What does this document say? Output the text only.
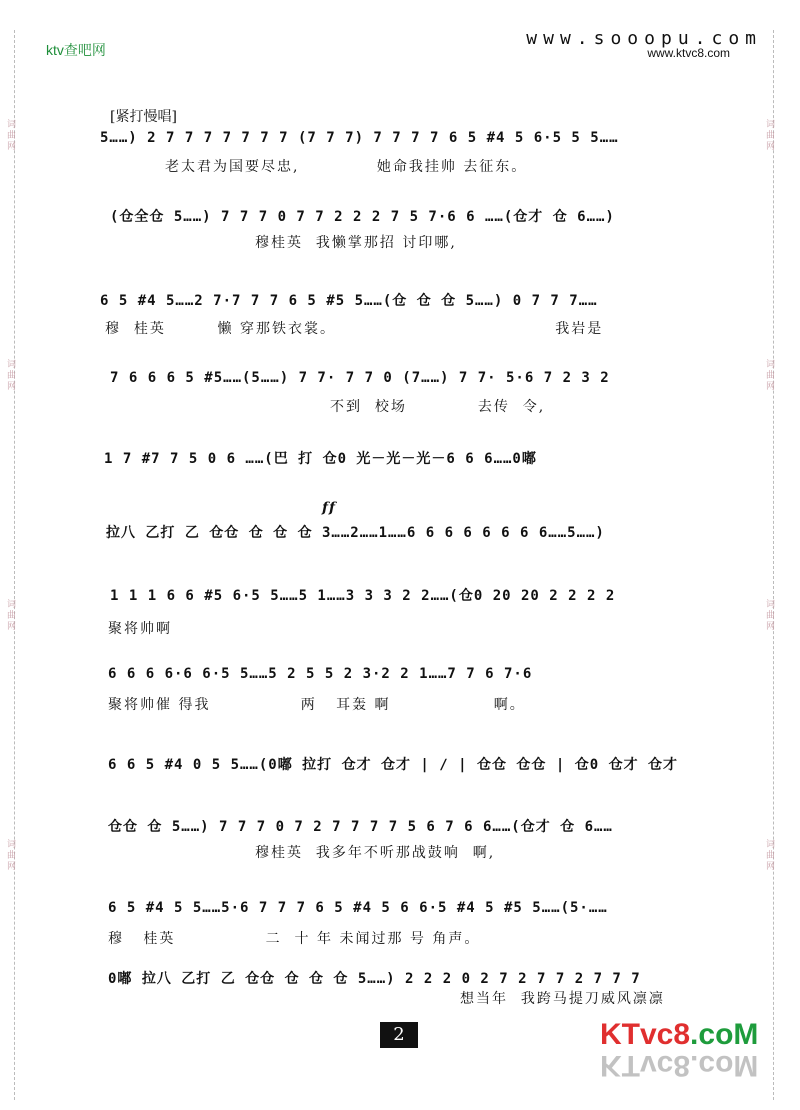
词曲网
词曲网
词曲网
词曲网
词曲网
词曲网
词曲网
词曲网
ktv查吧网
www.sooopu.com
www.ktvc8.com
[紧打慢唱]
5……) 2 7 7 7 7 7 7 7 (7 7 7) 7 7 7 7 6 5 #4 5 6·5 5 5……
老太君为国要尽忠,            她命我挂帅 去征东。
(仓全仓 5……) 7 7 7 0 7 7 2 2 2 7 5 7·6 6 ……(仓才 仓 6……)
穆桂英  我懒掌那招 讨印哪,
6 5 #4 5……2 7·7 7 7 6 5 #5 5……(仓 仓 仓 5……) 0 7 7 7……
穆  桂英        懒 穿那铁衣裳。                                  我岩是
7 6 6 6 5 #5……(5……) 7 7· 7 7 0 (7……) 7 7· 5·6 7 2 3 2
不到  校场           去传  令,
1 7 #7 7 5 0 6 ……(巴 打 仓0 光－光－光－6 6 6……0嘟
ff
拉八 乙打 乙 仓仓 仓 仓 仓 3……2……1……6 6 6 6 6 6 6 6……5……)
1 1 1 6 6 #5 6·5 5……5 1……3 3 3 2 2……(仓0 20 20 2 2 2 2
聚将帅啊
6 6 6 6·6 6·5 5……5 2 5 5 2 3·2 2 1……7 7 6 7·6
聚将帅催 得我              两   耳轰 啊                啊。
6 6 5 #4 0 5 5……(0嘟 拉打 仓才 仓才 | ∕ | 仓仓 仓仓 | 仓0 仓才 仓才
仓仓 仓 5……) 7 7 7 0 7 2 7 7 7 7 5 6 7 6 6……(仓才 仓 6……
穆桂英  我多年不听那战鼓响  啊,
6 5 #4 5 5……5·6 7 7 7 6 5 #4 5 6 6·5 #4 5 #5 5……(5·……
穆   桂英              二  十 年 未闻过那 号 角声。
0嘟 拉八 乙打 乙 仓仓 仓 仓 仓 5……) 2 2 2 0 2 7 2 7 7 2 7 7 7
想当年  我跨马提刀威风凛凛
2	KTvc8.coM
KTvc8.coM
